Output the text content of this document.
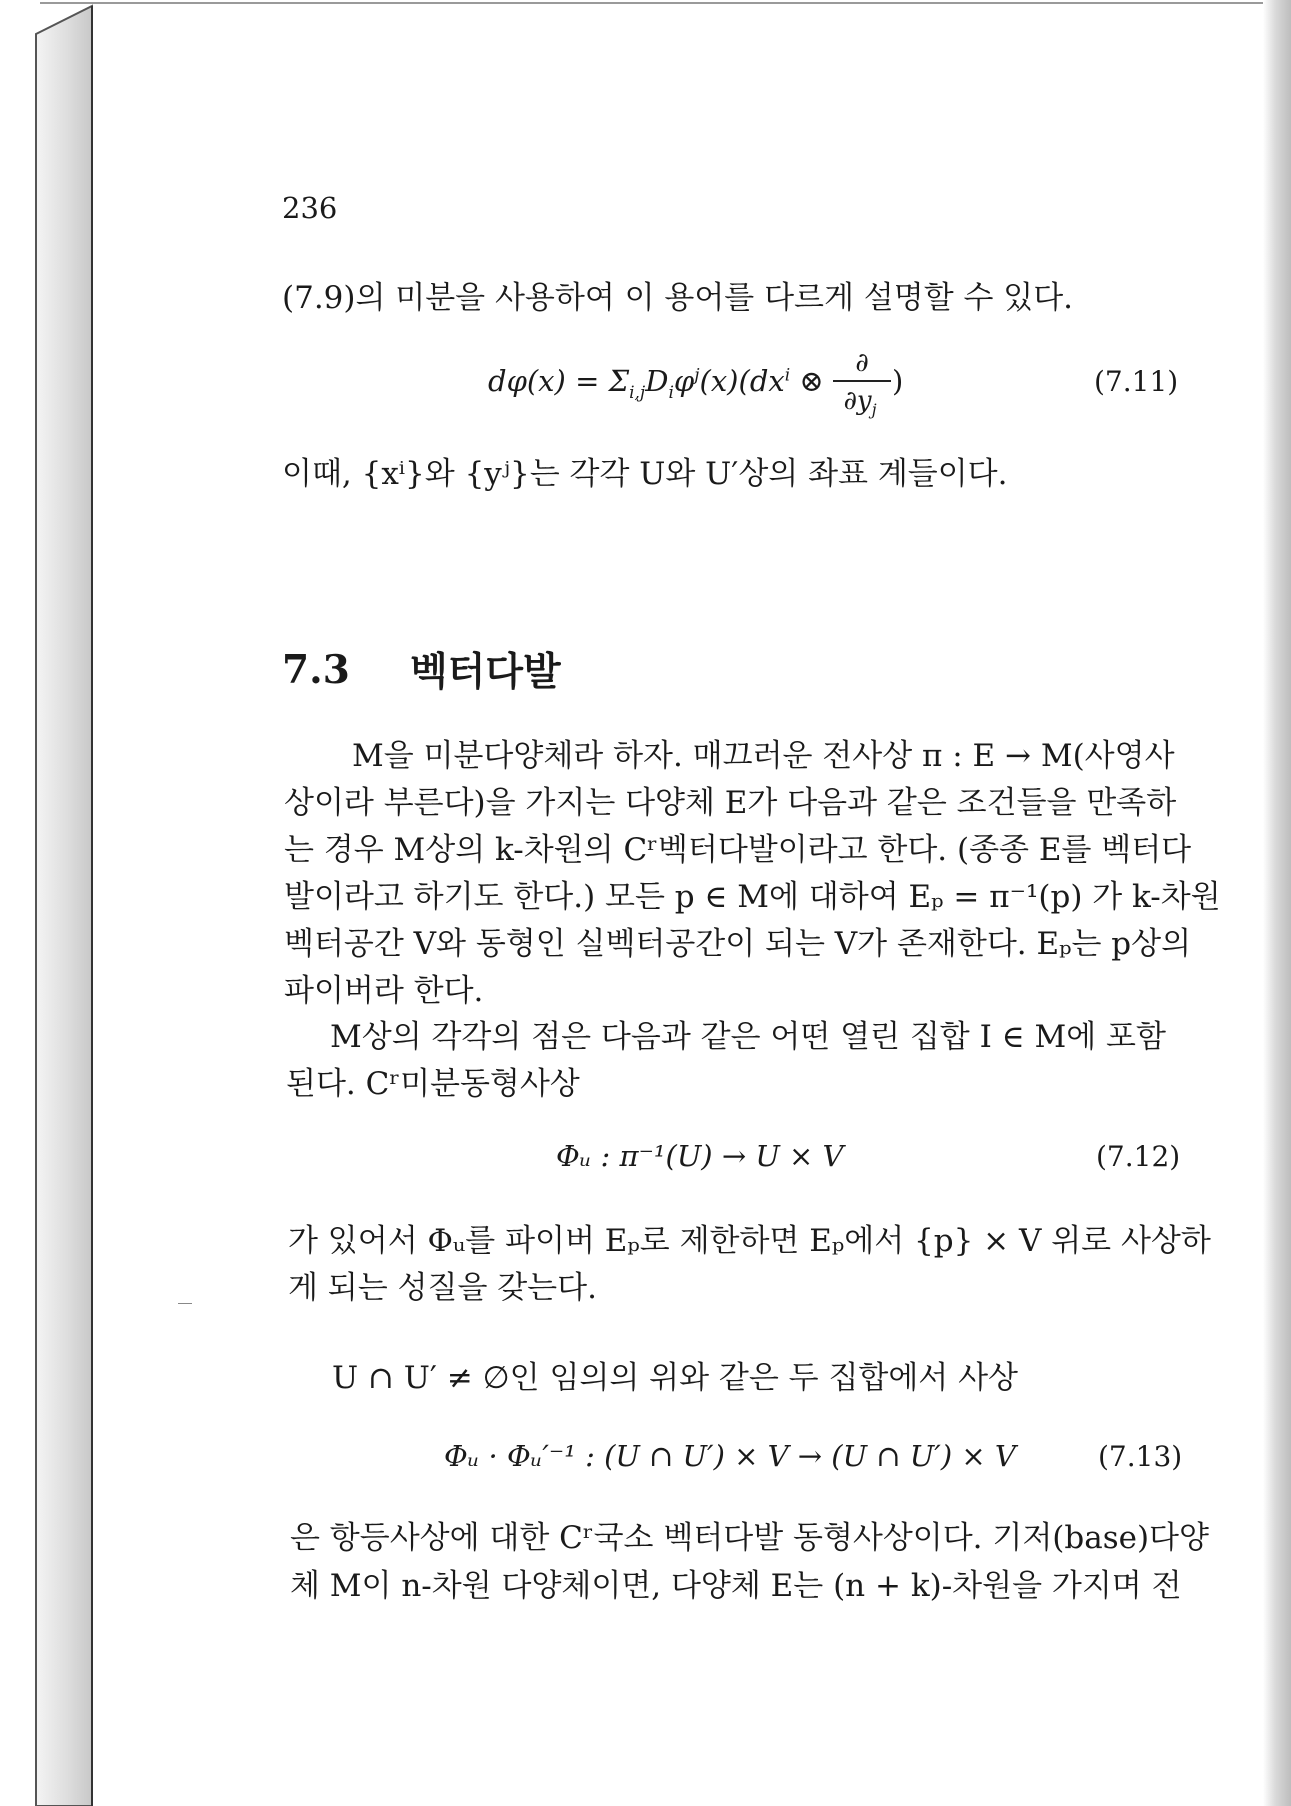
236
(7.9)의 미분을 사용하여 이 용어를 다르게 설명할 수 있다.
$d\varphi(x) = \Sigma_{i,j}D_i\varphi^j(x)(dx^i$ ⊗
∂
$\partial y_j$
)	(7.11)
이때, {xⁱ}와 {yʲ}는 각각 U와 U′상의 좌표 계들이다.
7.3 벡터다발
M을 미분다양체라 하자. 매끄러운 전사상 π : E → M(사영사
상이라 부른다)을 가지는 다양체 E가 다음과 같은 조건들을 만족하
는 경우 M상의 k-차원의 Cʳ벡터다발이라고 한다. (종종 E를 벡터다
발이라고 하기도 한다.) 모든 p ∈ M에 대하여 Eₚ = π⁻¹(p) 가 k-차원
벡터공간 V와 동형인 실벡터공간이 되는 V가 존재한다. Eₚ는 p상의
파이버라 한다.
M상의 각각의 점은 다음과 같은 어떤 열린 집합 I ∈ M에 포함
된다. Cʳ미분동형사상
Φᵤ : π⁻¹(U) → U × V	(7.12)
가 있어서 Φᵤ를 파이버 Eₚ로 제한하면 Eₚ에서 {p} × V 위로 사상하
게 되는 성질을 갖는다.
U ∩ U′ ≠ ∅인 임의의 위와 같은 두 집합에서 사상
Φᵤ · Φᵤ′⁻¹ : (U ∩ U′) × V → (U ∩ U′) × V	(7.13)
은 항등사상에 대한 Cʳ국소 벡터다발 동형사상이다. 기저(base)다양
체 M이 n-차원 다양체이면, 다양체 E는 (n + k)-차원을 가지며 전
